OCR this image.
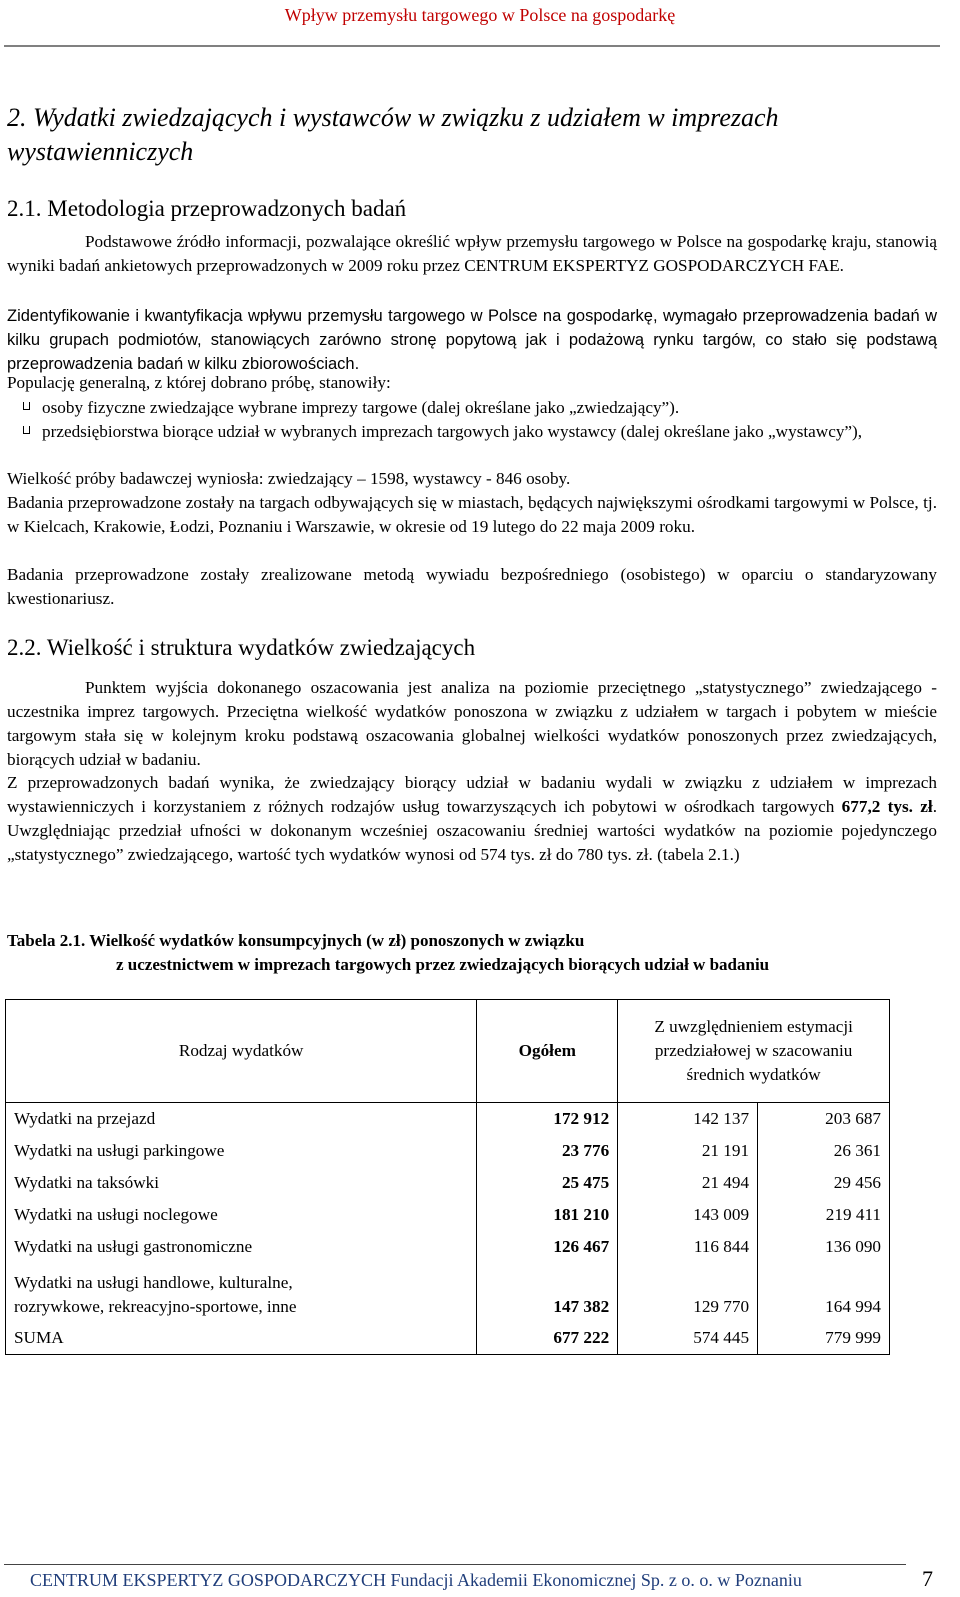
Wpływ przemysłu targowego w Polsce na gospodarkę
2. Wydatki zwiedzających i wystawców w związku z udziałem w imprezach
wystawienniczych
2.1. Metodologia przeprowadzonych badań

Podstawowe źródło informacji, pozwalające określić wpływ przemysłu targowego w Polsce na gospodarkę kraju, stanowią wyniki badań ankietowych przeprowadzonych w 2009 roku przez CENTRUM EKSPERTYZ GOSPODARCZYCH FAE.

Zidentyfikowanie i kwantyfikacja wpływu przemysłu targowego w Polsce na gospodarkę, wymagało przeprowadzenia badań w kilku grupach podmiotów, stanowiących zarówno stronę popytową jak i podażową rynku targów, co stało się podstawą przeprowadzenia badań w kilku zbiorowościach.

Populację generalną, z której dobrano próbę, stanowiły:

osoby fizyczne zwiedzające wybrane imprezy targowe (dalej określane jako „zwiedzający”).
przedsiębiorstwa biorące udział w wybranych imprezach targowych jako wystawcy (dalej określane jako „wystawcy”),

Wielkość próby badawczej wyniosła: zwiedzający – 1598, wystawcy - 846 osoby.

Badania przeprowadzone zostały na targach odbywających się w miastach, będących największymi ośrodkami targowymi w Polsce, tj. w Kielcach, Krakowie, Łodzi, Poznaniu i Warszawie, w okresie od 19 lutego do 22 maja 2009 roku.

Badania przeprowadzone zostały zrealizowane metodą wywiadu bezpośredniego (osobistego) w oparciu o standaryzowany kwestionariusz.

2.2. Wielkość i struktura wydatków zwiedzających

Punktem wyjścia dokonanego oszacowania jest analiza na poziomie przeciętnego „statystycznego” zwiedzającego - uczestnika imprez targowych. Przeciętna wielkość wydatków ponoszona w związku z udziałem w targach i pobytem w mieście targowym stała się w kolejnym kroku podstawą oszacowania globalnej wielkości wydatków ponoszonych przez zwiedzających, biorących udział w badaniu.

Z przeprowadzonych badań wynika, że zwiedzający biorący udział w badaniu wydali w związku z udziałem w imprezach wystawienniczych i korzystaniem z różnych rodzajów usług towarzyszących ich pobytowi w ośrodkach targowych 677,2 tys. zł. Uwzględniając przedział ufności w dokonanym wcześniej oszacowaniu średniej wartości wydatków na poziomie pojedynczego „statystycznego” zwiedzającego, wartość tych wydatków wynosi od 574 tys. zł do 780 tys. zł. (tabela 2.1.)

Tabela 2.1. Wielkość wydatków konsumpcyjnych (w zł) ponoszonych w związku
z uczestnictwem w imprezach targowych przez zwiedzających biorących udział w badaniu
Rodzaj wydatków	Ogółem	Z uwzględnieniem estymacji przedziałowej w szacowaniu średnich wydatków	

Wydatki na przejazd	172 912	142 137	203 687
Wydatki na usługi parkingowe	23 776	21 191	26 361
Wydatki na taksówki	25 475	21 494	29 456
Wydatki na usługi noclegowe	181 210	143 009	219 411
Wydatki na usługi gastronomiczne	126 467	116 844	136 090

Wydatki na usługi handlowe, kulturalne,
rozrywkowe, rekreacyjno-sportowe, inne	147 382	129 770	164 994
SUMA	677 222	574 445	779 999
CENTRUM EKSPERTYZ GOSPODARCZYCH Fundacji Akademii Ekonomicznej Sp. z o. o. w Poznaniu	7
